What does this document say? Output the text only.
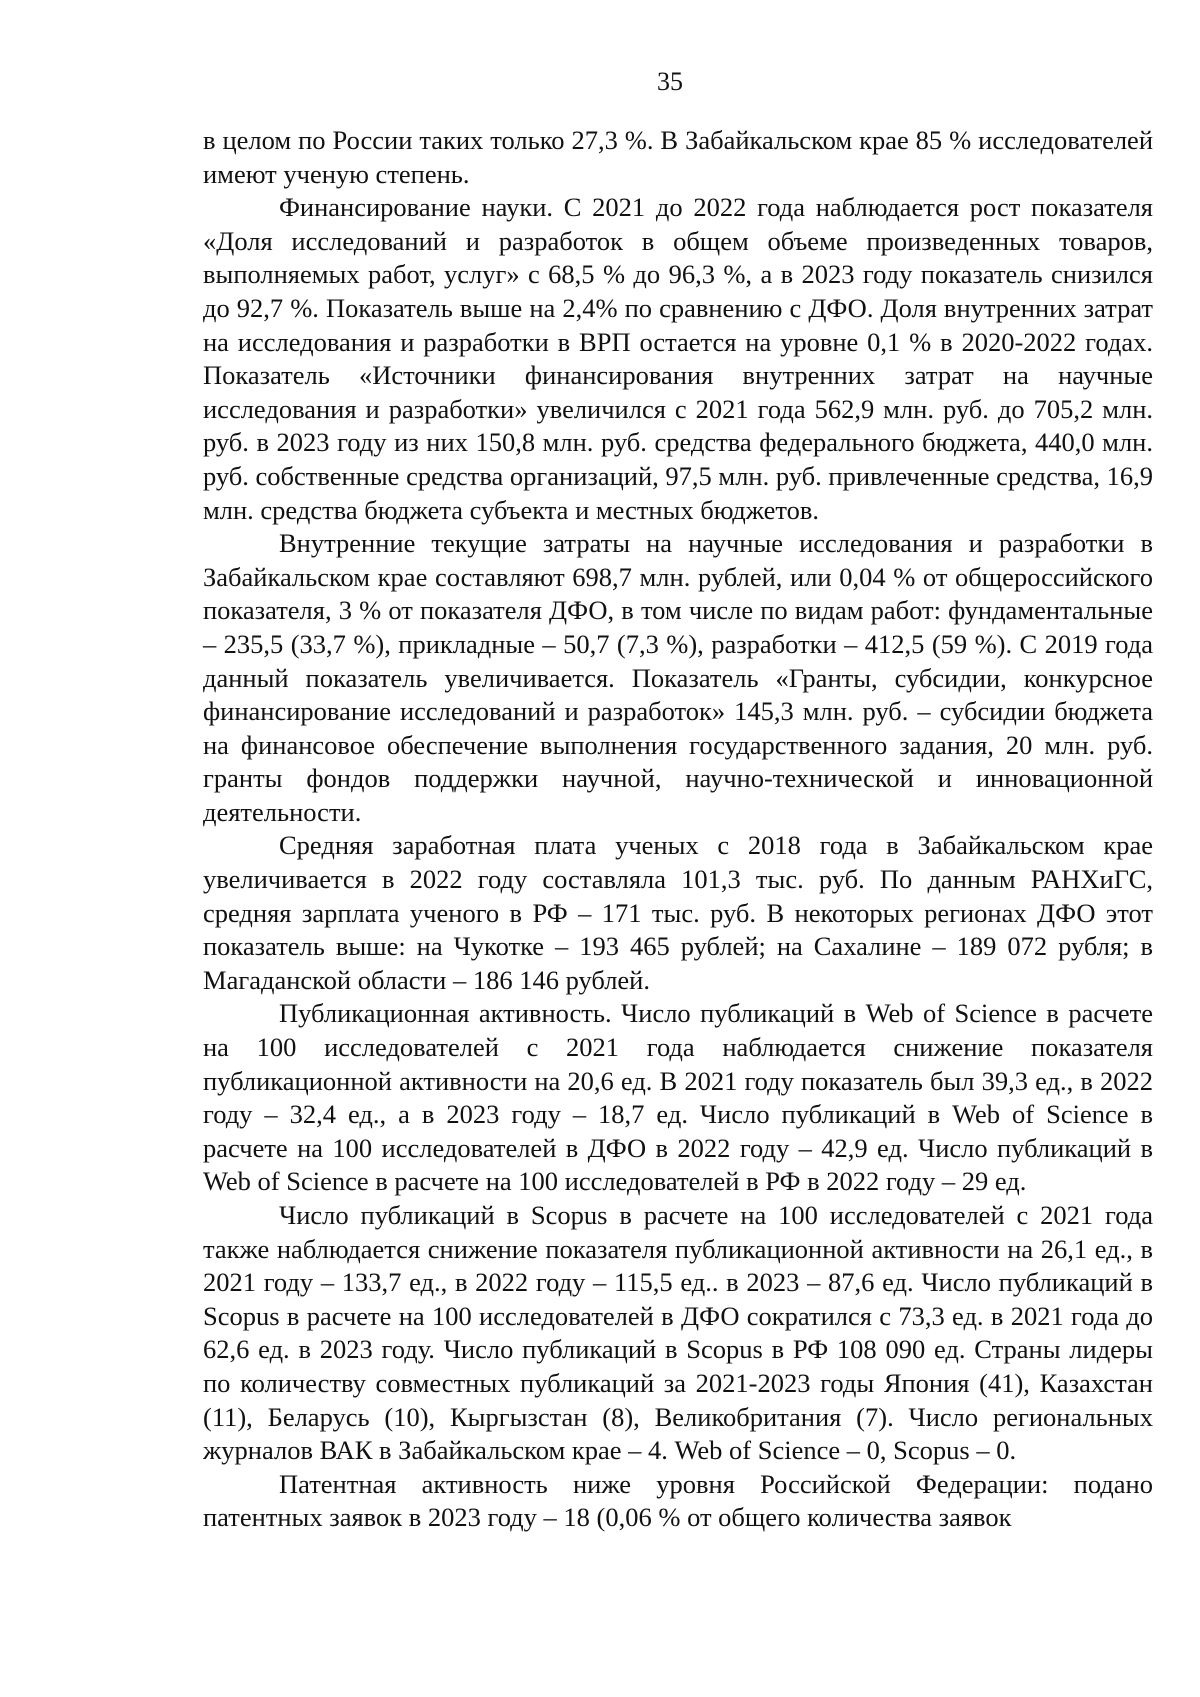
35

в целом по России таких только 27,3 %. В Забайкальском крае 85 % исследователей имеют ученую степень.

Финансирование науки. С 2021 до 2022 года наблюдается рост показателя «Доля исследований и разработок в общем объеме произведенных товаров, выполняемых работ, услуг» с 68,5 % до 96,3 %, а в 2023 году показатель снизился до 92,7 %. Показатель выше на 2,4% по сравнению с ДФО. Доля внутренних затрат на исследования и разработки в ВРП остается на уровне 0,1 % в 2020-2022 годах. Показатель «Источники финансирования внутренних затрат на научные исследования и разработки» увеличился с 2021 года 562,9 млн. руб. до 705,2 млн. руб. в 2023 году из них 150,8 млн. руб. средства федерального бюджета, 440,0 млн. руб. собственные средства организаций, 97,5 млн. руб. привлеченные средства, 16,9 млн. средства бюджета субъекта и местных бюджетов.

Внутренние текущие затраты на научные исследования и разработки в Забайкальском крае составляют 698,7 млн. рублей, или 0,04 % от общероссийского показателя, 3 % от показателя ДФО, в том числе по видам работ: фундаментальные – 235,5 (33,7 %), прикладные – 50,7 (7,3 %), разработки – 412,5 (59 %). С 2019 года данный показатель увеличивается. Показатель «Гранты, субсидии, конкурсное финансирование исследований и разработок» 145,3 млн. руб. – субсидии бюджета на финансовое обеспечение выполнения государственного задания, 20 млн. руб. гранты фондов поддержки научной, научно-технической и инновационной деятельности.

Средняя заработная плата ученых с 2018 года в Забайкальском крае увеличивается в 2022 году составляла 101,3 тыс. руб. По данным РАНХиГС, средняя зарплата ученого в РФ – 171 тыс. руб. В некоторых регионах ДФО этот показатель выше: на Чукотке – 193 465 рублей; на Сахалине – 189 072 рубля; в Магаданской области – 186 146 рублей.

Публикационная активность. Число публикаций в Web of Science в расчете на 100 исследователей с 2021 года наблюдается снижение показателя публикационной активности на 20,6 ед. В 2021 году показатель был 39,3 ед., в 2022 году – 32,4 ед., а в 2023 году – 18,7 ед. Число публикаций в Web of Science в расчете на 100 исследователей в ДФО в 2022 году – 42,9 ед. Число публикаций в Web of Science в расчете на 100 исследователей в РФ в 2022 году – 29 ед.

Число публикаций в Scopus в расчете на 100 исследователей с 2021 года также наблюдается снижение показателя публикационной активности на 26,1 ед., в 2021 году – 133,7 ед., в 2022 году – 115,5 ед.. в 2023 – 87,6 ед. Число публикаций в Scopus в расчете на 100 исследователей в ДФО сократился с 73,3 ед. в 2021 года до 62,6 ед. в 2023 году. Число публикаций в Scopus в РФ 108 090 ед. Страны лидеры по количеству совместных публикаций за 2021-2023 годы Япония (41), Казахстан (11), Беларусь (10), Кыргызстан (8), Великобритания (7). Число региональных журналов ВАК в Забайкальском крае – 4. Web of Science – 0, Scopus – 0.

Патентная активность ниже уровня Российской Федерации: подано патентных заявок в 2023 году – 18 (0,06 % от общего количества заявок
